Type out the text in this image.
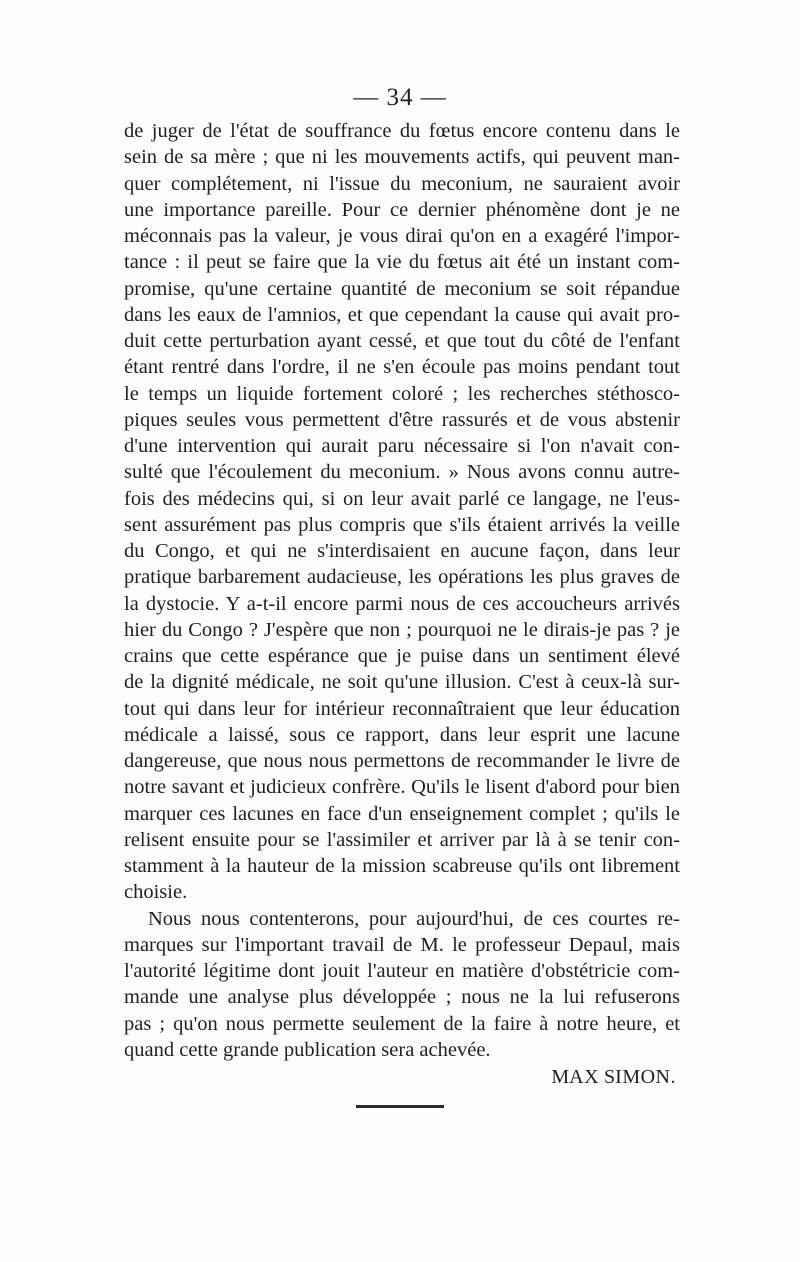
— 34 —
de juger de l'état de souffrance du fœtus encore contenu dans le
sein de sa mère ; que ni les mouvements actifs, qui peuvent man-
quer complétement, ni l'issue du meconium, ne sauraient avoir
une importance pareille. Pour ce dernier phénomène dont je ne
méconnais pas la valeur, je vous dirai qu'on en a exagéré l'impor-
tance : il peut se faire que la vie du fœtus ait été un instant com-
promise, qu'une certaine quantité de meconium se soit répandue
dans les eaux de l'amnios, et que cependant la cause qui avait pro-
duit cette perturbation ayant cessé, et que tout du côté de l'enfant
étant rentré dans l'ordre, il ne s'en écoule pas moins pendant tout
le temps un liquide fortement coloré ; les recherches stéthosco-
piques seules vous permettent d'être rassurés et de vous abstenir
d'une intervention qui aurait paru nécessaire si l'on n'avait con-
sulté que l'écoulement du meconium. » Nous avons connu autre-
fois des médecins qui, si on leur avait parlé ce langage, ne l'eus-
sent assurément pas plus compris que s'ils étaient arrivés la veille
du Congo, et qui ne s'interdisaient en aucune façon, dans leur
pratique barbarement audacieuse, les opérations les plus graves de
la dystocie. Y a-t-il encore parmi nous de ces accoucheurs arrivés
hier du Congo ? J'espère que non ; pourquoi ne le dirais-je pas ? je
crains que cette espérance que je puise dans un sentiment élevé
de la dignité médicale, ne soit qu'une illusion. C'est à ceux-là sur-
tout qui dans leur for intérieur reconnaîtraient que leur éducation
médicale a laissé, sous ce rapport, dans leur esprit une lacune
dangereuse, que nous nous permettons de recommander le livre de
notre savant et judicieux confrère. Qu'ils le lisent d'abord pour bien
marquer ces lacunes en face d'un enseignement complet ; qu'ils le
relisent ensuite pour se l'assimiler et arriver par là à se tenir con-
stamment à la hauteur de la mission scabreuse qu'ils ont librement
choisie.
Nous nous contenterons, pour aujourd'hui, de ces courtes re-
marques sur l'important travail de M. le professeur Depaul, mais
l'autorité légitime dont jouit l'auteur en matière d'obstétricie com-
mande une analyse plus développée ; nous ne la lui refuserons
pas ; qu'on nous permette seulement de la faire à notre heure, et
quand cette grande publication sera achevée.
MAX SIMON.
